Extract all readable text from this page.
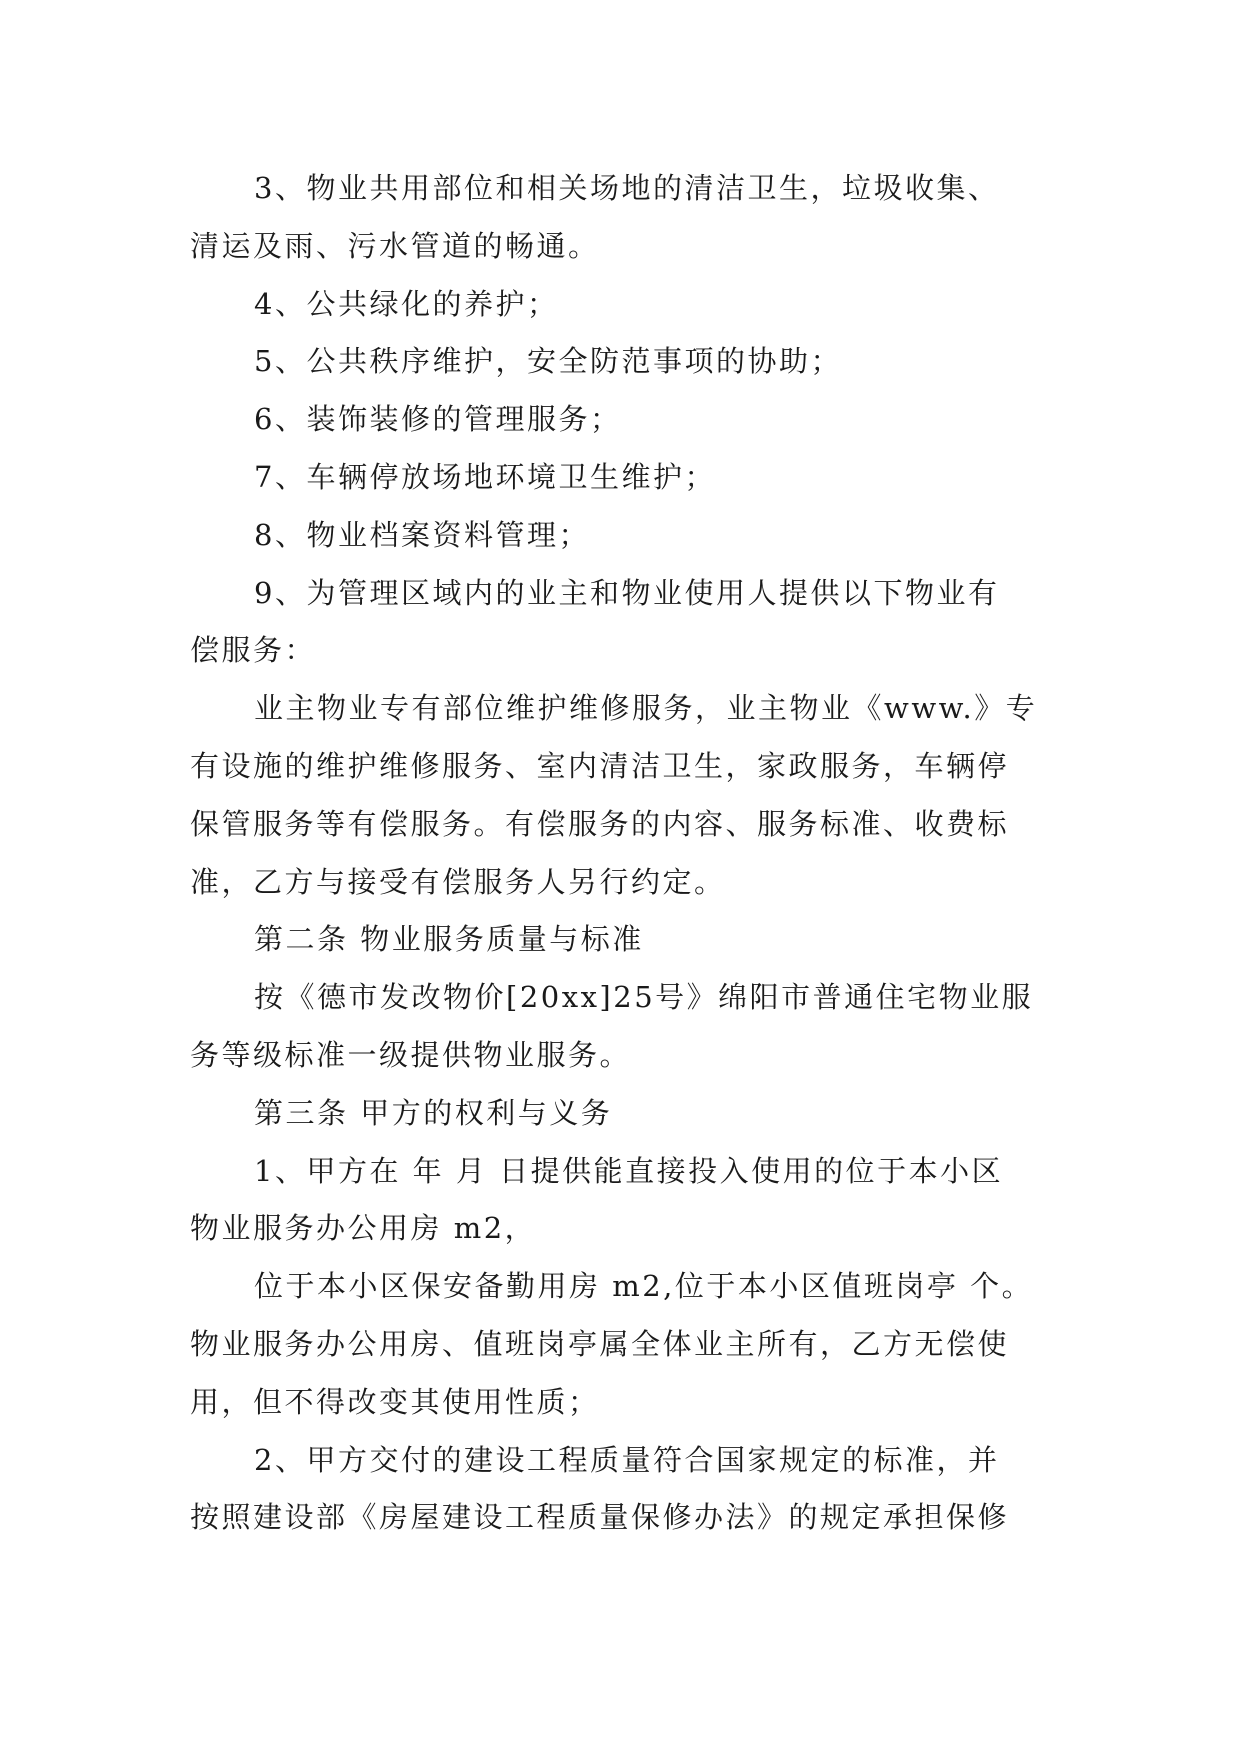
3、物业共用部位和相关场地的清洁卫生，垃圾收集、

清运及雨、污水管道的畅通。

4、公共绿化的养护；

5、公共秩序维护，安全防范事项的协助；

6、装饰装修的管理服务；

7、车辆停放场地环境卫生维护；

8、物业档案资料管理；

9、为管理区域内的业主和物业使用人提供以下物业有

偿服务：

业主物业专有部位维护维修服务，业主物业《www.》专

有设施的维护维修服务、室内清洁卫生，家政服务，车辆停

保管服务等有偿服务。有偿服务的内容、服务标准、收费标

准，乙方与接受有偿服务人另行约定。

第二条 物业服务质量与标准

按《德市发改物价[20xx]25号》绵阳市普通住宅物业服

务等级标准一级提供物业服务。

第三条 甲方的权利与义务

1、甲方在 年 月 日提供能直接投入使用的位于本小区

物业服务办公用房 m2，

位于本小区保安备勤用房 m2,位于本小区值班岗亭 个。

物业服务办公用房、值班岗亭属全体业主所有，乙方无偿使

用，但不得改变其使用性质；

2、甲方交付的建设工程质量符合国家规定的标准，并

按照建设部《房屋建设工程质量保修办法》的规定承担保修
